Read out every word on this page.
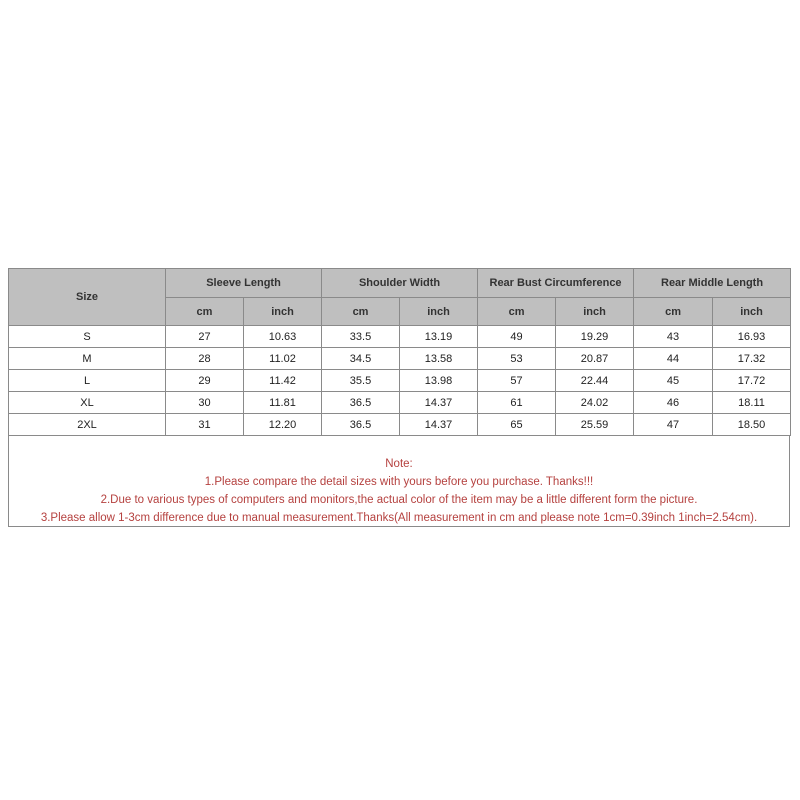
Size	Sleeve Length		Shoulder Width		Rear Bust Circumference		Rear Middle Length	
	cm	inch	cm	inch	cm	inch	cm	inch
S	27	10.63	33.5	13.19	49	19.29	43	16.93
M	28	11.02	34.5	13.58	53	20.87	44	17.32
L	29	11.42	35.5	13.98	57	22.44	45	17.72
XL	30	11.81	36.5	14.37	61	24.02	46	18.11
2XL	31	12.20	36.5	14.37	65	25.59	47	18.50
Note:
1.Please compare the detail sizes with yours before you purchase. Thanks!!!
2.Due to various types of computers and monitors,the actual color of the item may be a little different form the picture.
3.Please allow 1-3cm difference due to manual measurement.Thanks(All measurement in cm and please note 1cm=0.39inch 1inch=2.54cm).
